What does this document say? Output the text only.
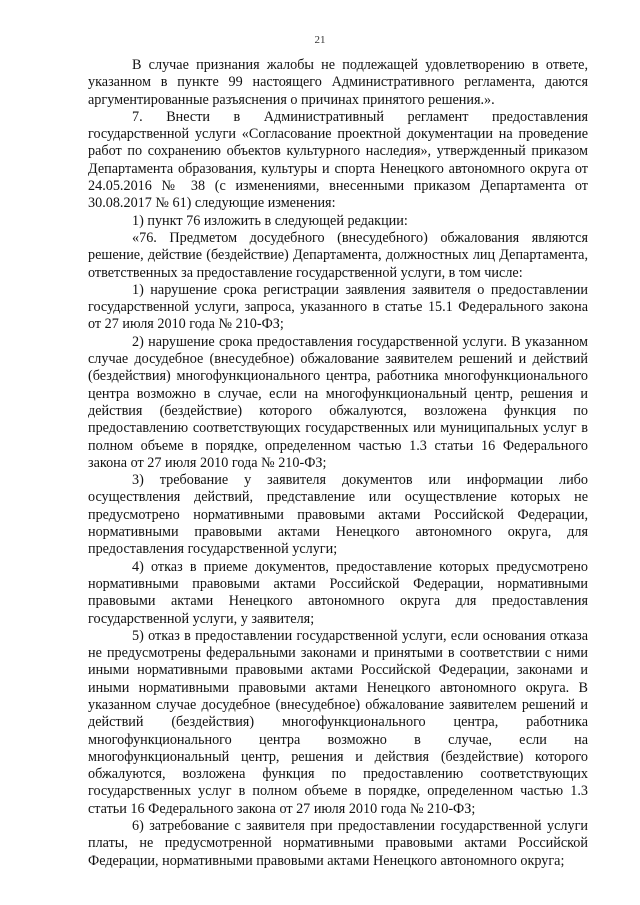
21

В случае признания жалобы не подлежащей удовлетворению в ответе, указанном в пункте 99 настоящего Административного регламента, даются аргументированные разъяснения о причинах принятого решения.».

7. Внести в Административный регламент предоставления государственной услуги «Согласование проектной документации на проведение работ по сохранению объектов культурного наследия», утвержденный приказом Департамента образования, культуры и спорта Ненецкого автономного округа от 24.05.2016 № 38 (с изменениями, внесенными приказом Департамента от 30.08.2017 № 61) следующие изменения:

1) пункт 76 изложить в следующей редакции:

«76. Предметом досудебного (внесудебного) обжалования являются решение, действие (бездействие) Департамента, должностных лиц Департамента, ответственных за предоставление государственной услуги, в том числе:

1) нарушение срока регистрации заявления заявителя о предоставлении государственной услуги, запроса, указанного в статье 15.1 Федерального закона от 27 июля 2010 года № 210-ФЗ;

2) нарушение срока предоставления государственной услуги. В указанном случае досудебное (внесудебное) обжалование заявителем решений и действий (бездействия) многофункционального центра, работника многофункционального центра возможно в случае, если на многофункциональный центр, решения и действия (бездействие) которого обжалуются, возложена функция по предоставлению соответствующих государственных или муниципальных услуг в полном объеме в порядке, определенном частью 1.3 статьи 16 Федерального закона от 27 июля 2010 года № 210-ФЗ;

3) требование у заявителя документов или информации либо осуществления действий, представление или осуществление которых не предусмотрено нормативными правовыми актами Российской Федерации, нормативными правовыми актами Ненецкого автономного округа, для предоставления государственной услуги;

4) отказ в приеме документов, предоставление которых предусмотрено нормативными правовыми актами Российской Федерации, нормативными правовыми актами Ненецкого автономного округа для предоставления государственной услуги, у заявителя;

5) отказ в предоставлении государственной услуги, если основания отказа не предусмотрены федеральными законами и принятыми в соответствии с ними иными нормативными правовыми актами Российской Федерации, законами и иными нормативными правовыми актами Ненецкого автономного округа. В указанном случае досудебное (внесудебное) обжалование заявителем решений и действий (бездействия) многофункционального центра, работника многофункционального центра возможно в случае, если на многофункциональный центр, решения и действия (бездействие) которого обжалуются, возложена функция по предоставлению соответствующих государственных услуг в полном объеме в порядке, определенном частью 1.3 статьи 16 Федерального закона от 27 июля 2010 года № 210-ФЗ;

6) затребование с заявителя при предоставлении государственной услуги платы, не предусмотренной нормативными правовыми актами Российской Федерации, нормативными правовыми актами Ненецкого автономного округа;
